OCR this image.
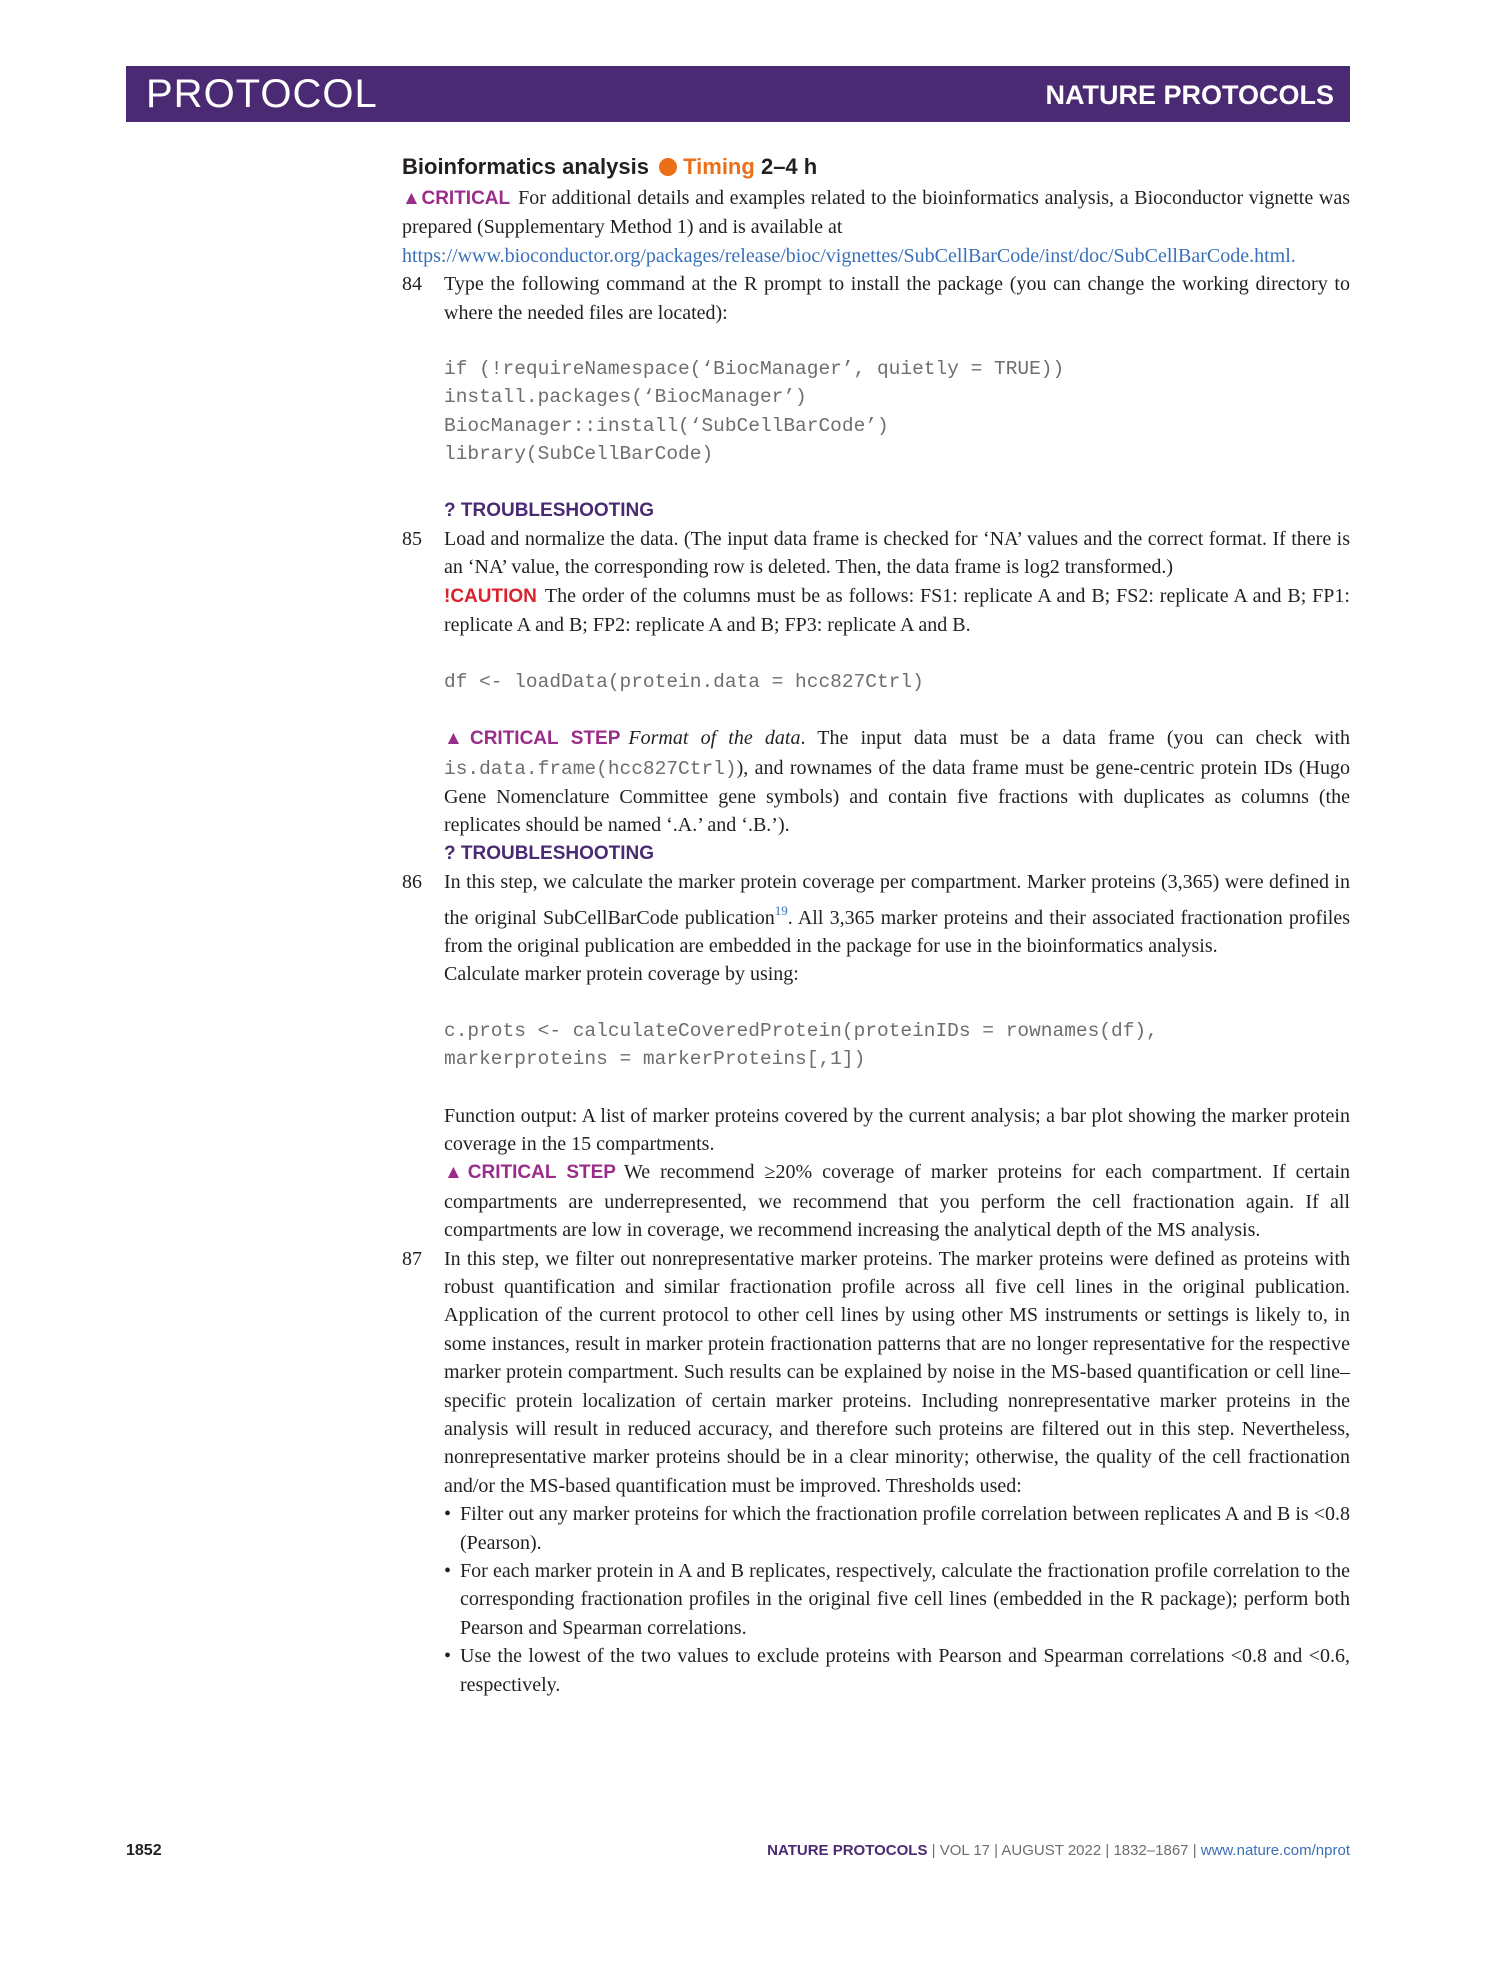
PROTOCOL	NATURE PROTOCOLS
Bioinformatics analysis Timing 2–4 h
▲CRITICAL For additional details and examples related to the bioinformatics analysis, a Bioconductor vignette was prepared (Supplementary Method 1) and is available at
https://www.bioconductor.org/packages/release/bioc/vignettes/SubCellBarCode/inst/doc/SubCellBarCode.html.
84 Type the following command at the R prompt to install the package (you can change the working directory to where the needed files are located):
if (!requireNamespace(‘BiocManager’, quietly = TRUE))
install.packages(‘BiocManager’)
BiocManager::install(‘SubCellBarCode’)
library(SubCellBarCode)
? TROUBLESHOOTING
85 Load and normalize the data. (The input data frame is checked for ‘NA’ values and the correct format. If there is an ‘NA’ value, the corresponding row is deleted. Then, the data frame is log2 transformed.)
!CAUTION The order of the columns must be as follows: FS1: replicate A and B; FS2: replicate A and B; FP1: replicate A and B; FP2: replicate A and B; FP3: replicate A and B.
df <- loadData(protein.data = hcc827Ctrl)
▲CRITICAL STEP Format of the data. The input data must be a data frame (you can check with is.data.frame(hcc827Ctrl)), and rownames of the data frame must be gene-centric protein IDs (Hugo Gene Nomenclature Committee gene symbols) and contain five fractions with duplicates as columns (the replicates should be named ‘.A.’ and ‘.B.’).
? TROUBLESHOOTING
86 In this step, we calculate the marker protein coverage per compartment. Marker proteins (3,365) were defined in the original SubCellBarCode publication$^{19}$. All 3,365 marker proteins and their associated fractionation profiles from the original publication are embedded in the package for use in the bioinformatics analysis.
Calculate marker protein coverage by using:
c.prots <- calculateCoveredProtein(proteinIDs = rownames(df),
markerproteins = markerProteins[,1])
Function output: A list of marker proteins covered by the current analysis; a bar plot showing the marker protein coverage in the 15 compartments.
▲CRITICAL STEP We recommend ≥20% coverage of marker proteins for each compartment. If certain compartments are underrepresented, we recommend that you perform the cell fractionation again. If all compartments are low in coverage, we recommend increasing the analytical depth of the MS analysis.
87 In this step, we filter out nonrepresentative marker proteins. The marker proteins were defined as proteins with robust quantification and similar fractionation profile across all five cell lines in the original publication. Application of the current protocol to other cell lines by using other MS instruments or settings is likely to, in some instances, result in marker protein fractionation patterns that are no longer representative for the respective marker protein compartment. Such results can be explained by noise in the MS-based quantification or cell line–specific protein localization of certain marker proteins. Including nonrepresentative marker proteins in the analysis will result in reduced accuracy, and therefore such proteins are filtered out in this step. Nevertheless, nonrepresentative marker proteins should be in a clear minority; otherwise, the quality of the cell fractionation and/or the MS-based quantification must be improved. Thresholds used:
• Filter out any marker proteins for which the fractionation profile correlation between replicates A and B is <0.8 (Pearson).
• For each marker protein in A and B replicates, respectively, calculate the fractionation profile correlation to the corresponding fractionation profiles in the original five cell lines (embedded in the R package); perform both Pearson and Spearman correlations.
• Use the lowest of the two values to exclude proteins with Pearson and Spearman correlations <0.8 and <0.6, respectively.
1852	NATURE PROTOCOLS | VOL 17 | AUGUST 2022 | 1832–1867 | www.nature.com/nprot
